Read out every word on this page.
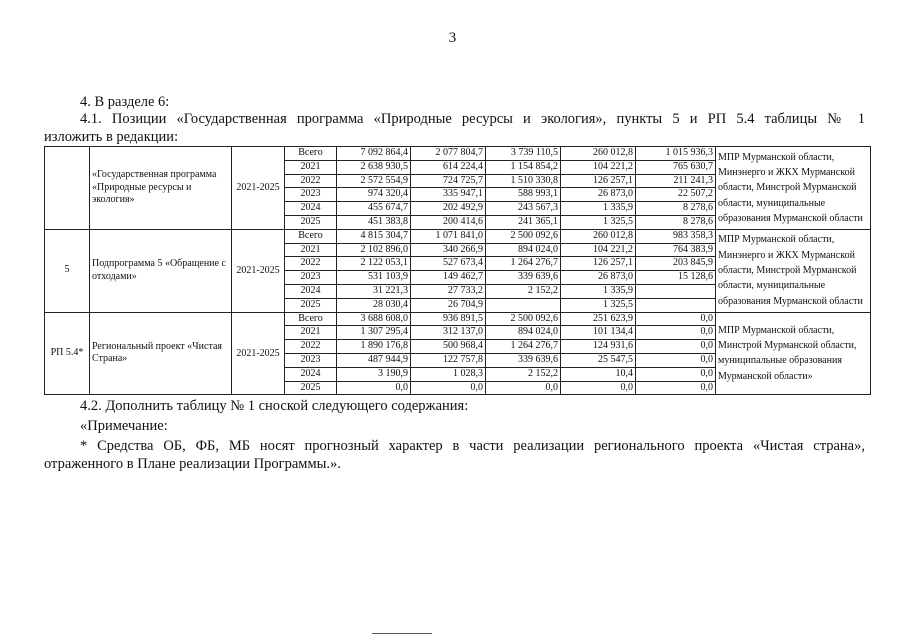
3
4. В разделе 6:
4.1. Позиции «Государственная программа «Природные ресурсы и экология», пункты 5 и РП 5.4 таблицы № 1
изложить в редакции:
	«Государственная программа «Природные ресурсы и экология»	2021-2025	Всего	7 092 864,4	2 077 804,7	3 739 110,5	260 012,8	1 015 936,3	МПР Мурманской области, Минэнерго и ЖКХ Мурманской области, Минстрой Мурманской области, муниципальные образования Мурманской области
			2021	2 638 930,5	614 224,4	1 154 854,2	104 221,2	765 630,7	
			2022	2 572 554,9	724 725,7	1 510 330,8	126 257,1	211 241,3	
			2023	974 320,4	335 947,1	588 993,1	26 873,0	22 507,2	
			2024	455 674,7	202 492,9	243 567,3	1 335,9	8 278,6	
			2025	451 383,8	200 414,6	241 365,1	1 325,5	8 278,6	
5	Подпрограмма 5 «Обращение с отходами»	2021-2025	Всего	4 815 304,7	1 071 841,0	2 500 092,6	260 012,8	983 358,3	МПР Мурманской области, Минэнерго и ЖКХ Мурманской области, Минстрой Мурманской области, муниципальные образования Мурманской области
			2021	2 102 896,0	340 266,9	894 024,0	104 221,2	764 383,9	
			2022	2 122 053,1	527 673,4	1 264 276,7	126 257,1	203 845,9	
			2023	531 103,9	149 462,7	339 639,6	26 873,0	15 128,6	
			2024	31 221,3	27 733,2	2 152,2	1 335,9		
			2025	28 030,4	26 704,9		1 325,5		
РП 5.4*	Региональный проект «Чистая Страна»	2021-2025	Всего	3 688 608,0	936 891,5	2 500 092,6	251 623,9	0,0	МПР Мурманской области, Минстрой Мурманской области, муниципальные образования Мурманской области»
			2021	1 307 295,4	312 137,0	894 024,0	101 134,4	0,0	
			2022	1 890 176,8	500 968,4	1 264 276,7	124 931,6	0,0	
			2023	487 944,9	122 757,8	339 639,6	25 547,5	0,0	
			2024	3 190,9	1 028,3	2 152,2	10,4	0,0	
			2025	0,0	0,0	0,0	0,0	0,0	
4.2. Дополнить таблицу № 1 сноской следующего содержания:
«Примечание:
* Средства ОБ, ФБ, МБ носят прогнозный характер в части реализации регионального проекта «Чистая страна»,
отраженного в Плане реализации Программы.».
